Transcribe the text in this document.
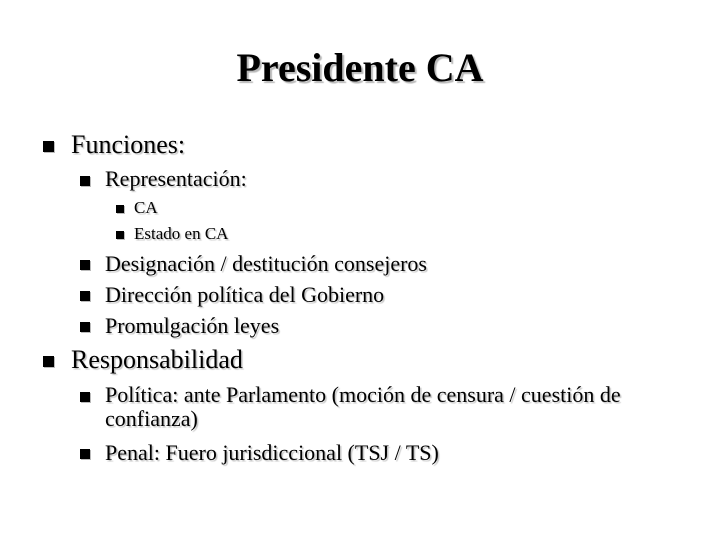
Presidente CA
Funciones:
Representación:
CA
Estado en CA
Designación / destitución consejeros
Dirección política del Gobierno
Promulgación leyes
Responsabilidad
Política: ante Parlamento (moción de censura / cuestión de confianza)
Penal: Fuero jurisdiccional (TSJ / TS)
